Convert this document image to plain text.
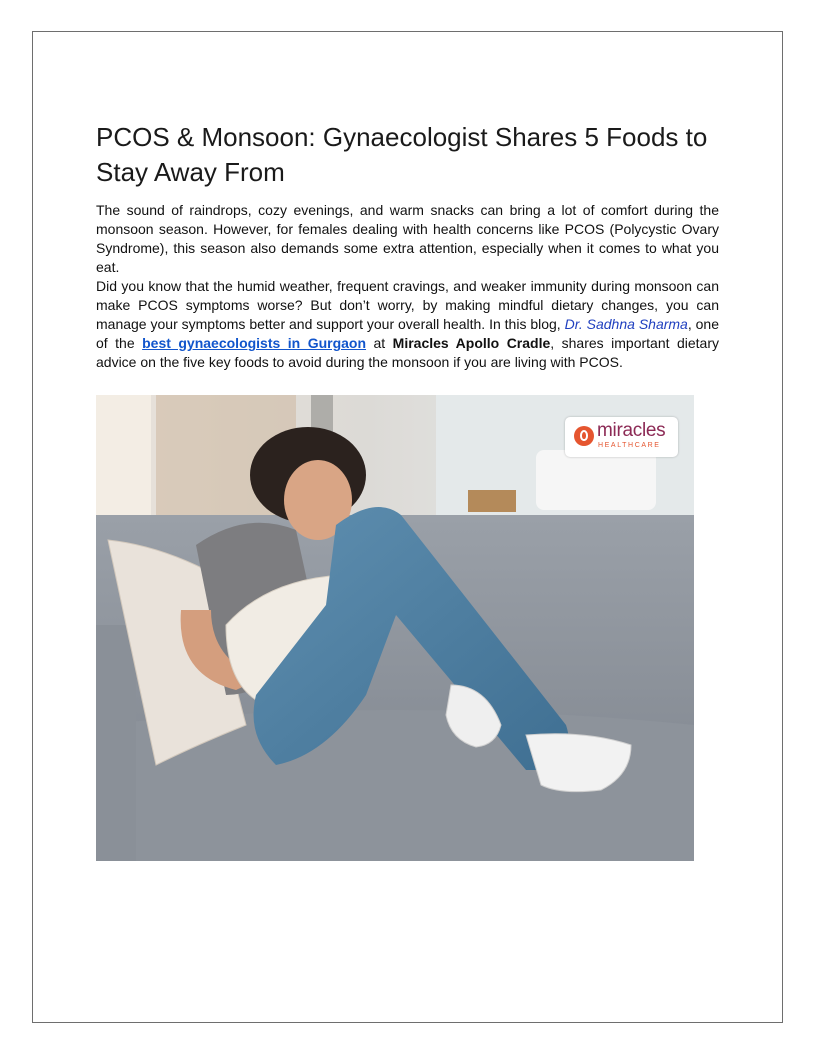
PCOS & Monsoon: Gynaecologist Shares 5 Foods to Stay Away From

The sound of raindrops, cozy evenings, and warm snacks can bring a lot of comfort during the monsoon season. However, for females dealing with health concerns like PCOS (Polycystic Ovary Syndrome), this season also demands some extra attention, especially when it comes to what you eat.

Did you know that the humid weather, frequent cravings, and weaker immunity during monsoon can make PCOS symptoms worse? But don’t worry, by making mindful dietary changes, you can manage your symptoms better and support your overall health. In this blog, Dr. Sadhna Sharma, one of the best gynaecologists in Gurgaon at Miracles Apollo Cradle, shares important dietary advice on the five key foods to avoid during the monsoon if you are living with PCOS.

miracles
HEALTHCARE
